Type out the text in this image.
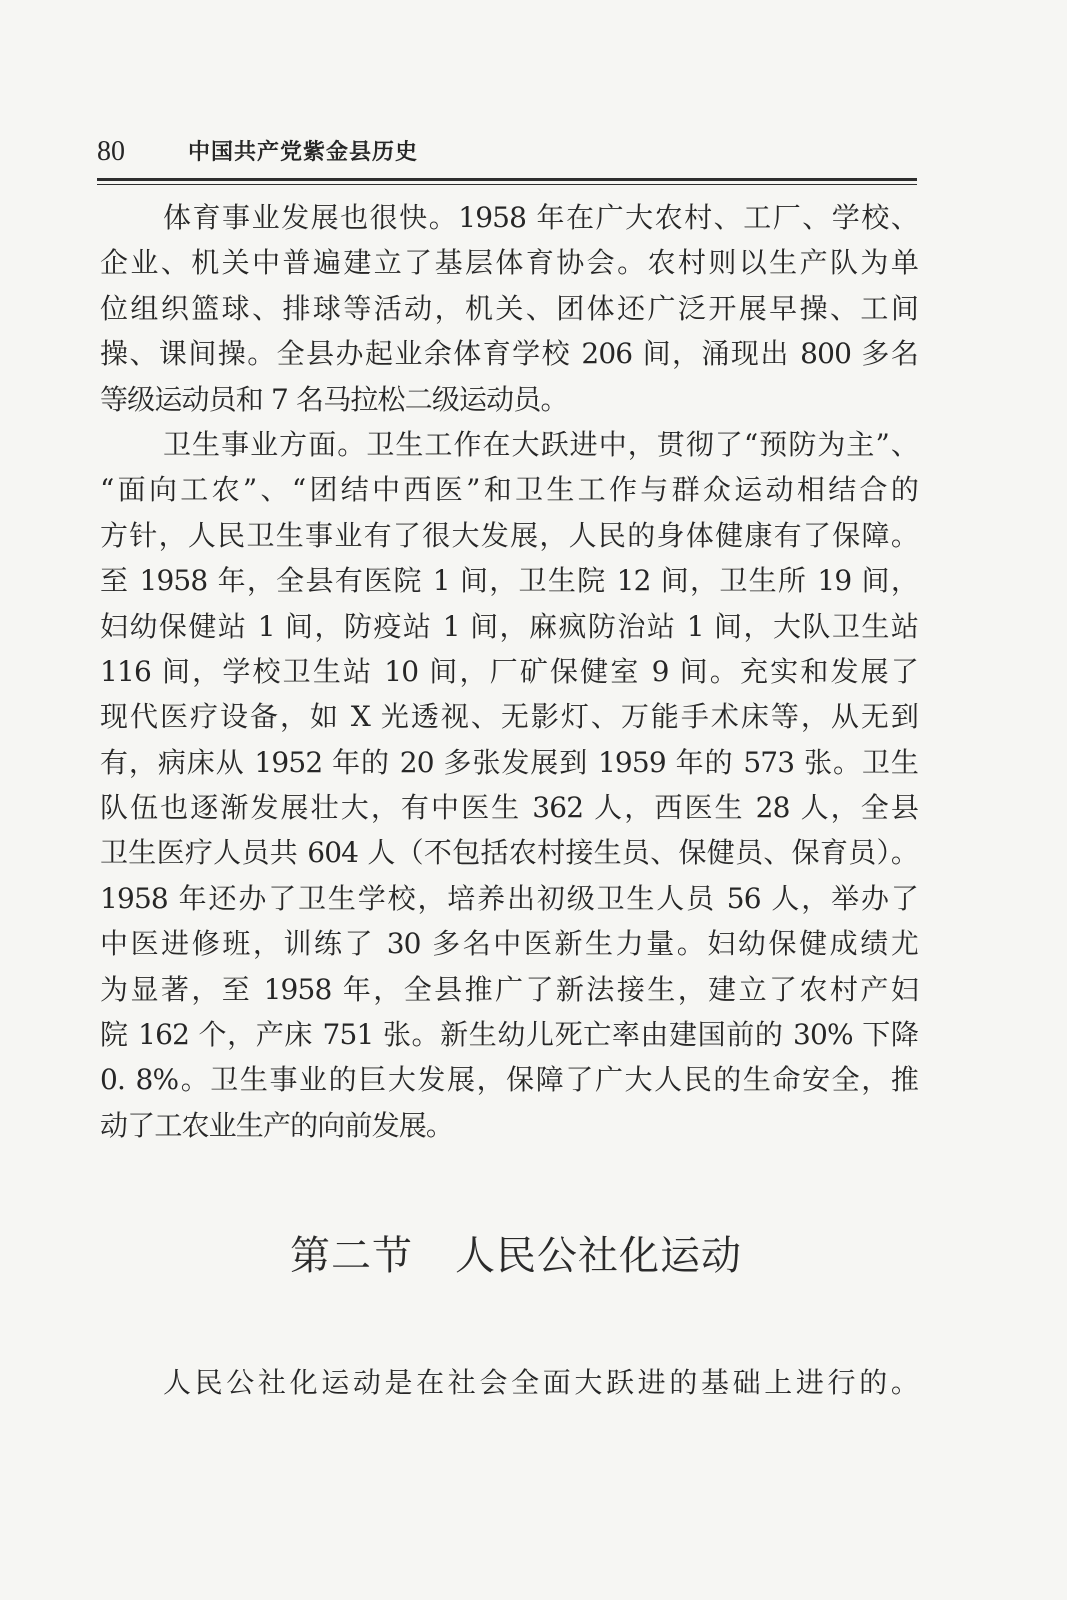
80	中国共产党紫金县历史
体育事业发展也很快。1958 年在广大农村、工厂、学校、
企业、机关中普遍建立了基层体育协会。农村则以生产队为单
位组织篮球、排球等活动，机关、团体还广泛开展早操、工间
操、课间操。全县办起业余体育学校 206 间，涌现出 800 多名
等级运动员和 7 名马拉松二级运动员。
卫生事业方面。卫生工作在大跃进中，贯彻了“预防为主”、
“面向工农”、“团结中西医”和卫生工作与群众运动相结合的
方针，人民卫生事业有了很大发展，人民的身体健康有了保障。
至 1958 年，全县有医院 1 间，卫生院 12 间，卫生所 19 间，
妇幼保健站 1 间，防疫站 1 间，麻疯防治站 1 间，大队卫生站
116 间，学校卫生站 10 间，厂矿保健室 9 间。充实和发展了
现代医疗设备，如 X 光透视、无影灯、万能手术床等，从无到
有，病床从 1952 年的 20 多张发展到 1959 年的 573 张。卫生
队伍也逐渐发展壮大，有中医生 362 人，西医生 28 人，全县
卫生医疗人员共 604 人（不包括农村接生员、保健员、保育员）。
1958 年还办了卫生学校，培养出初级卫生人员 56 人，举办了
中医进修班，训练了 30 多名中医新生力量。妇幼保健成绩尤
为显著，至 1958 年，全县推广了新法接生，建立了农村产妇
院 162 个，产床 751 张。新生幼儿死亡率由建国前的 30% 下降
0. 8%。卫生事业的巨大发展，保障了广大人民的生命安全，推
动了工农业生产的向前发展。
第二节 人民公社化运动
人民公社化运动是在社会全面大跃进的基础上进行的。
